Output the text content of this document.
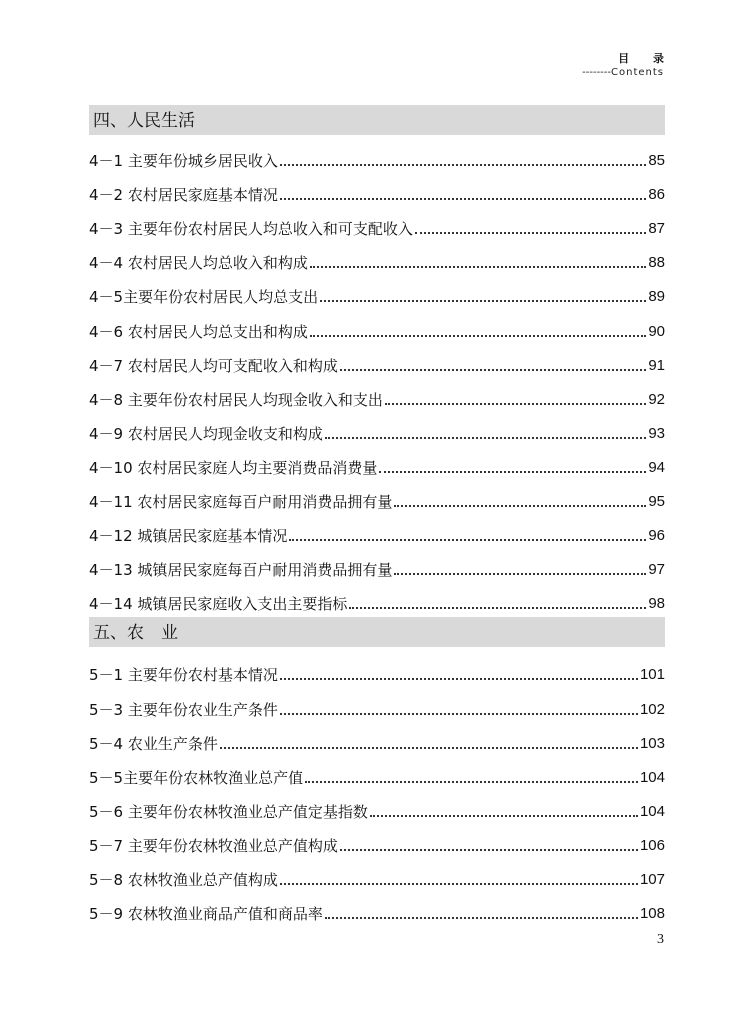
目 录
--------Contents
四、人民生活
4－1 主要年份城乡居民收入	85
4－2 农村居民家庭基本情况	86
4－3 主要年份农村居民人均总收入和可支配收入	87
4－4 农村居民人均总收入和构成	88
4－5 主要年份农村居民人均总支出	89
4－6 农村居民人均总支出和构成	90
4－7 农村居民人均可支配收入和构成	91
4－8 主要年份农村居民人均现金收入和支出	92
4－9 农村居民人均现金收支和构成	93
4－10 农村居民家庭人均主要消费品消费量	94
4－11 农村居民家庭每百户耐用消费品拥有量	95
4－12 城镇居民家庭基本情况	96
4－13 城镇居民家庭每百户耐用消费品拥有量	97
4－14 城镇居民家庭收入支出主要指标	98
五、农　业
5－1 主要年份农村基本情况	101
5－3 主要年份农业生产条件	102
5－4 农业生产条件	103
5－5 主要年份农林牧渔业总产值	104
5－6 主要年份农林牧渔业总产值定基指数	104
5－7 主要年份农林牧渔业总产值构成	106
5－8 农林牧渔业总产值构成	107
5－9 农林牧渔业商品产值和商品率	108
3
